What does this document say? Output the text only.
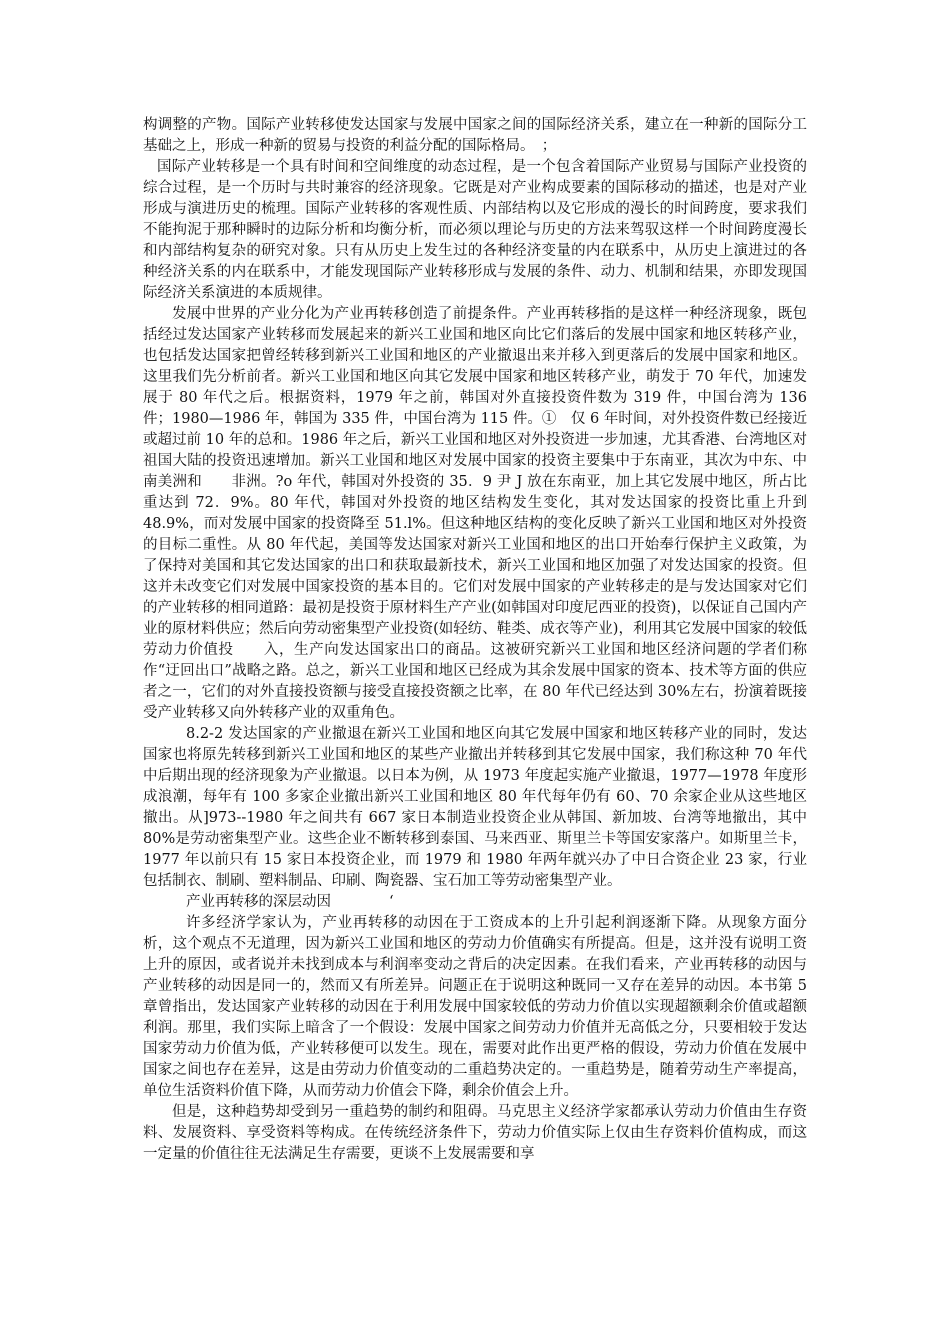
构调整的产物。国际产业转移使发达国家与发展中国家之间的国际经济关系，建立在一种新的国际分工基础之上，形成一种新的贸易与投资的利益分配的国际格局。　；

国际产业转移是一个具有时间和空间维度的动态过程，是一个包含着国际产业贸易与国际产业投资的综合过程，是一个历时与共时兼容的经济现象。它既是对产业构成要素的国际移动的描述，也是对产业形成与演进历史的梳理。国际产业转移的客观性质、内部结构以及它形成的漫长的时间跨度，要求我们不能拘泥于那种瞬时的边际分析和均衡分析，而必须以理论与历史的方法来驾驭这样一个时间跨度漫长和内部结构复杂的研究对象。只有从历史上发生过的各种经济变量的内在联系中，从历史上演进过的各种经济关系的内在联系中，才能发现国际产业转移形成与发展的条件、动力、机制和结果，亦即发现国际经济关系演进的本质规律。

发展中世界的产业分化为产业再转移创造了前提条件。产业再转移指的是这样一种经济现象，既包括经过发达国家产业转移而发展起来的新兴工业国和地区向比它们落后的发展中国家和地区转移产业，也包括发达国家把曾经转移到新兴工业国和地区的产业撤退出来并移入到更落后的发展中国家和地区。这里我们先分析前者。新兴工业国和地区向其它发展中国家和地区转移产业，萌发于 70 年代，加速发展于 80 年代之后。根据资料，1979 年之前，韩国对外直接投资件数为 319 件，中国台湾为 136 件；1980—1986 年，韩国为 335 件，中国台湾为 115 件。①　仅 6 年时间，对外投资件数已经接近或超过前 10 年的总和。1986 年之后，新兴工业国和地区对外投资进一步加速，尤其香港、台湾地区对祖国大陆的投资迅速增加。新兴工业国和地区对发展中国家的投资主要集中于东南亚，其次为中东、中南美洲和　　非洲。?o 年代，韩国对外投资的 35．9 尹 J 放在东南亚，加上其它发展中地区，所占比重达到 72．9%。80 年代，韩国对外投资的地区结构发生变化，其对发达国家的投资比重上升到 48.9%，而对发展中国家的投资降至 51.l%。但这种地区结构的变化反映了新兴工业国和地区对外投资的目标二重性。从 80 年代起，美国等发达国家对新兴工业国和地区的出口开始奉行保护主义政策，为了保持对美国和其它发达国家的出口和获取最新技术，新兴工业国和地区加强了对发达国家的投资。但这并未改变它们对发展中国家投资的基本目的。它们对发展中国家的产业转移走的是与发达国家对它们的产业转移的相同道路：最初是投资于原材料生产产业(如韩国对印度尼西亚的投资)，以保证自己国内产业的原材料供应；然后向劳动密集型产业投资(如轻纺、鞋类、成衣等产业)，利用其它发展中国家的较低劳动力价值投　　入，生产向发达国家出口的商品。这被研究新兴工业国和地区经济问题的学者们称作“迂回出口”战略之路。总之，新兴工业国和地区已经成为其余发展中国家的资本、技术等方面的供应者之一，它们的对外直接投资额与接受直接投资额之比率，在 80 年代已经达到 30%左右，扮演着既接受产业转移又向外转移产业的双重角色。

8.2-2 发达国家的产业撤退在新兴工业国和地区向其它发展中国家和地区转移产业的同时，发达国家也将原先转移到新兴工业国和地区的某些产业撤出并转移到其它发展中国家，我们称这种 70 年代中后期出现的经济现象为产业撤退。以日本为例，从 1973 年度起实施产业撤退，1977—1978 年度形成浪潮，每年有 100 多家企业撤出新兴工业国和地区 80 年代每年仍有 60、70 余家企业从这些地区　撤出。从]973--1980 年之间共有 667 家日本制造业投资企业从韩国、新加坡、台湾等地撤出，其中 80%是劳动密集型产业。这些企业不断转移到泰国、马来西亚、斯里兰卡等国安家落户。如斯里兰卡，1977 年以前只有 15 家日本投资企业，而 1979 和 1980 年两年就兴办了中日合资企业 23 家，行业包括制衣、制刷、塑料制品、印刷、陶瓷器、宝石加工等劳动密集型产业。

产业再转移的深层动因　　　　‘

许多经济学家认为，产业再转移的动因在于工资成本的上升引起利润逐渐下降。从现象方面分析，这个观点不无道理，因为新兴工业国和地区的劳动力价值确实有所提高。但是，这并没有说明工资上升的原因，或者说并未找到成本与利润率变动之背后的决定因素。在我们看来，产业再转移的动因与产业转移的动因是同一的，然而又有所差异。问题正在于说明这种既同一又存在差异的动因。本书第 5 章曾指出，发达国家产业转移的动因在于利用发展中国家较低的劳动力价值以实现超额剩余价值或超额利润。那里，我们实际上暗含了一个假设：发展中国家之间劳动力价值并无高低之分，只要相较于发达国家劳动力价值为低，产业转移便可以发生。现在，需要对此作出更严格的假设，劳动力价值在发展中国家之间也存在差异，这是由劳动力价值变动的二重趋势决定的。一重趋势是，随着劳动生产率提高，单位生活资料价值下降，从而劳动力价值会下降，剩余价值会上升。

但是，这种趋势却受到另一重趋势的制约和阻碍。马克思主义经济学家都承认劳动力价值由生存资料、发展资料、享受资料等构成。在传统经济条件下，劳动力价值实际上仅由生存资料价值构成，而这一定量的价值往往无法满足生存需要，更谈不上发展需要和享
